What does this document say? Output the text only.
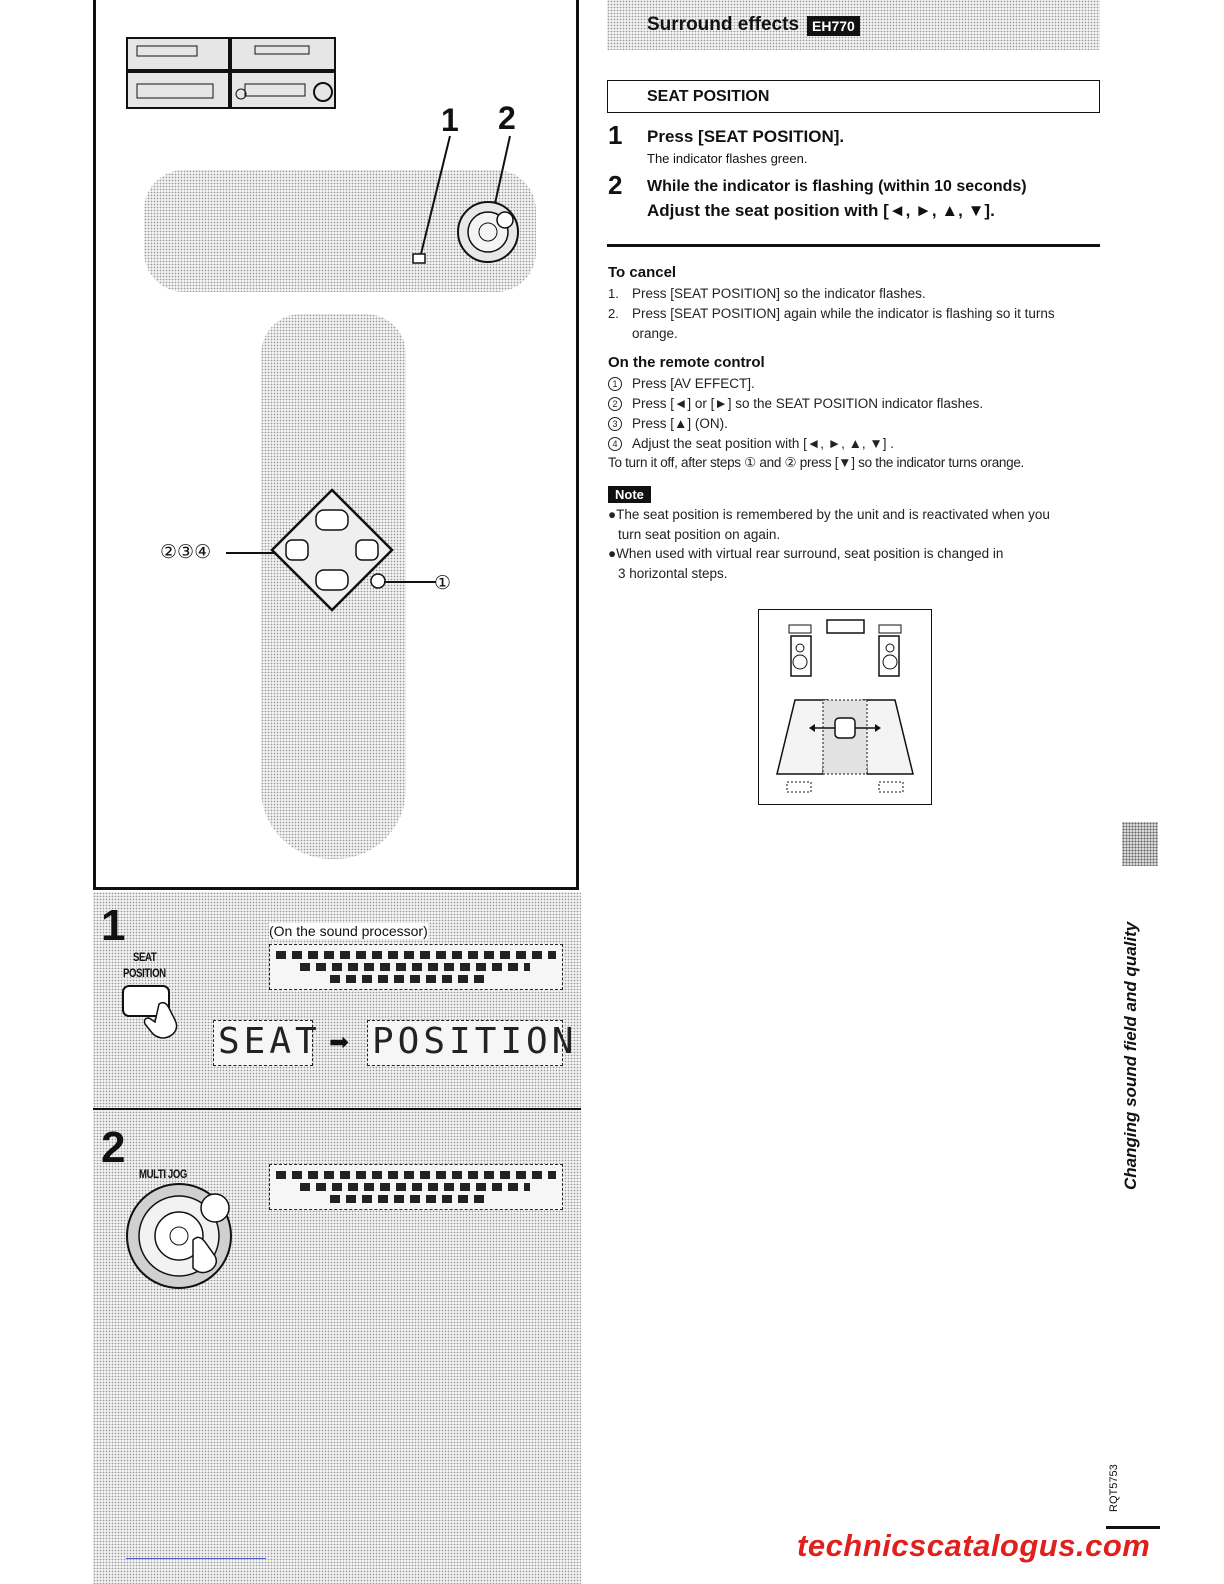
1 2
②③④
①
1
SEAT
POSITION
(On the sound processor)
SEAT ➡ POSITION
2
MULTI JOG
Surround effects EH770
SEAT POSITION
1 Press [SEAT POSITION].
The indicator flashes green.
2 While the indicator is flashing (within 10 seconds)
Adjust the seat position with [◄, ►, ▲, ▼].
To cancel
1. Press [SEAT POSITION] so the indicator flashes.
2. Press [SEAT POSITION] again while the indicator is flashing so it turns
orange.
On the remote control
1 Press [AV EFFECT].
2 Press [◄] or [►] so the SEAT POSITION indicator flashes.
3 Press [▲] (ON).
4 Adjust the seat position with [◄, ►, ▲, ▼] .
To turn it off, after steps ① and ② press [▼] so the indicator turns orange.
Note
●The seat position is remembered by the unit and is reactivated when you
turn seat position on again.
●When used with virtual rear surround, seat position is changed in
3 horizontal steps.
Changing sound field and quality
RQT5753
technicscatalogus.com
